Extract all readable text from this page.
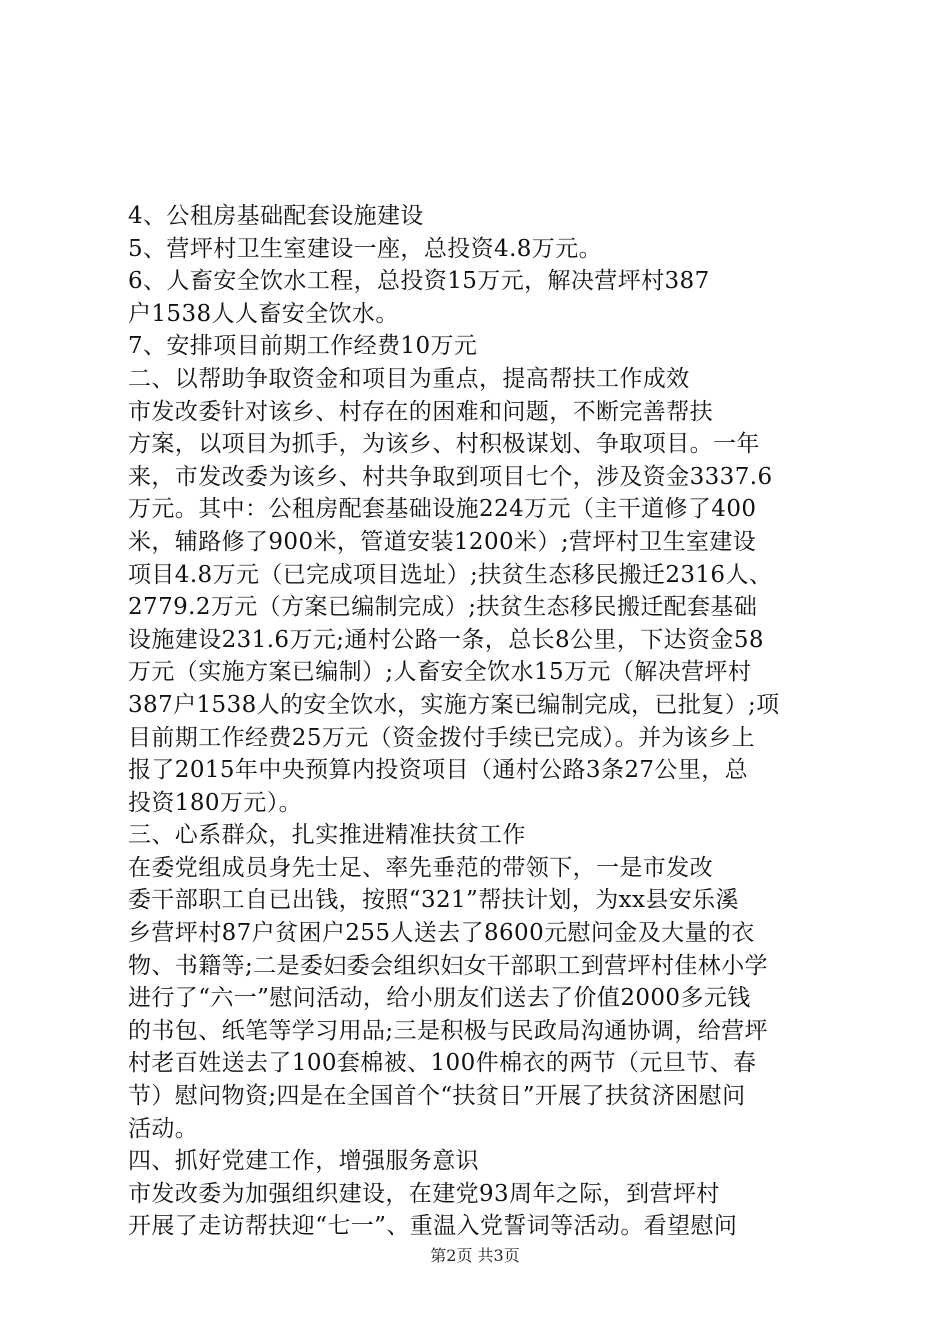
4、公租房基础配套设施建设
5、营坪村卫生室建设一座，总投资4.8万元。
6、人畜安全饮水工程，总投资15万元，解决营坪村387
户1538人人畜安全饮水。
7、安排项目前期工作经费10万元
二、以帮助争取资金和项目为重点，提高帮扶工作成效
市发改委针对该乡、村存在的困难和问题，不断完善帮扶
方案，以项目为抓手，为该乡、村积极谋划、争取项目。一年
来，市发改委为该乡、村共争取到项目七个，涉及资金3337.6
万元。其中：公租房配套基础设施224万元（主干道修了400
米，辅路修了900米，管道安装1200米）;营坪村卫生室建设
项目4.8万元（已完成项目选址）;扶贫生态移民搬迁2316人、
2779.2万元（方案已编制完成）;扶贫生态移民搬迁配套基础
设施建设231.6万元;通村公路一条，总长8公里，下达资金58
万元（实施方案已编制）;人畜安全饮水15万元（解决营坪村
387户1538人的安全饮水，实施方案已编制完成，已批复）;项
目前期工作经费25万元（资金拨付手续已完成）。并为该乡上
报了2015年中央预算内投资项目（通村公路3条27公里，总
投资180万元）。
三、心系群众，扎实推进精准扶贫工作
在委党组成员身先士足、率先垂范的带领下，一是市发改
委干部职工自已出钱，按照“321”帮扶计划，为xx县安乐溪
乡营坪村87户贫困户255人送去了8600元慰问金及大量的衣
物、书籍等;二是委妇委会组织妇女干部职工到营坪村佳林小学
进行了“六一”慰问活动，给小朋友们送去了价值2000多元钱
的书包、纸笔等学习用品;三是积极与民政局沟通协调，给营坪
村老百姓送去了100套棉被、100件棉衣的两节（元旦节、春
节）慰问物资;四是在全国首个“扶贫日”开展了扶贫济困慰问
活动。
四、抓好党建工作，增强服务意识
市发改委为加强组织建设，在建党93周年之际，到营坪村
开展了走访帮扶迎“七一”、重温入党誓词等活动。看望慰问
第2页 共3页
